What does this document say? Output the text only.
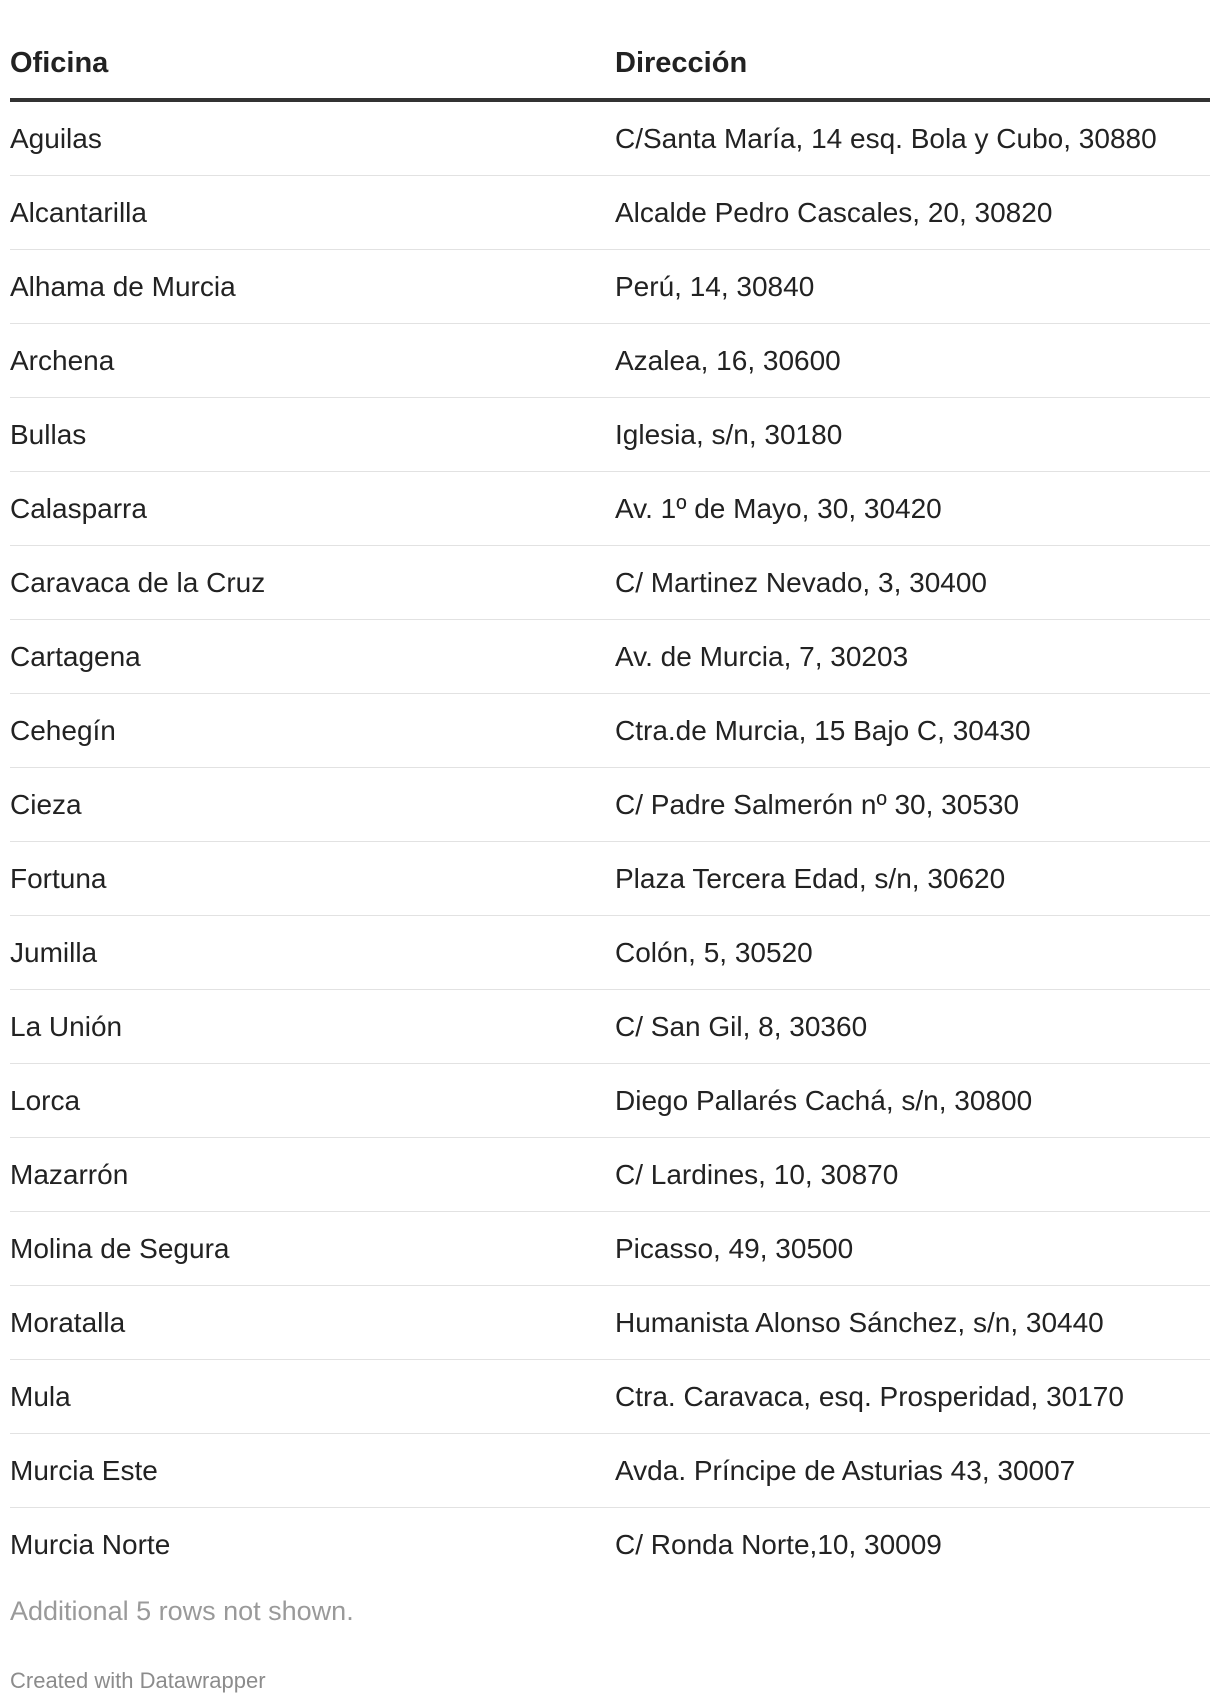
Oficina	Dirección
Aguilas	C/Santa María, 14 esq. Bola y Cubo, 30880
Alcantarilla	Alcalde Pedro Cascales, 20, 30820
Alhama de Murcia	Perú, 14, 30840
Archena	Azalea, 16, 30600
Bullas	Iglesia, s/n, 30180
Calasparra	Av. 1º de Mayo, 30, 30420
Caravaca de la Cruz	C/ Martinez Nevado, 3, 30400
Cartagena	Av. de Murcia, 7, 30203
Cehegín	Ctra.de Murcia, 15 Bajo C, 30430
Cieza	C/ Padre Salmerón nº 30, 30530
Fortuna	Plaza Tercera Edad, s/n, 30620
Jumilla	Colón, 5, 30520
La Unión	C/ San Gil, 8, 30360
Lorca	Diego Pallarés Cachá, s/n, 30800
Mazarrón	C/ Lardines, 10, 30870
Molina de Segura	Picasso, 49, 30500
Moratalla	Humanista Alonso Sánchez, s/n, 30440
Mula	Ctra. Caravaca, esq. Prosperidad, 30170
Murcia Este	Avda. Príncipe de Asturias 43, 30007
Murcia Norte	C/ Ronda Norte,10, 30009
Additional 5 rows not shown.
Created with Datawrapper
